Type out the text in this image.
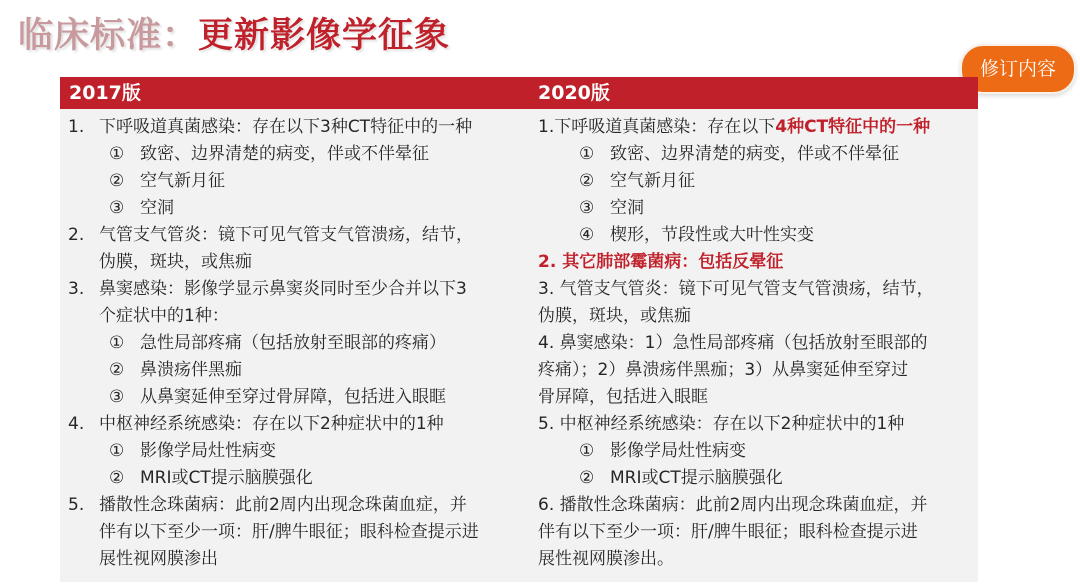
临床标准：更新影像学征象
修订内容
2017版	2020版
1. 下呼吸道真菌感染：存在以下3种CT特征中的一种
① 致密、边界清楚的病变，伴或不伴晕征
② 空气新月征
③ 空洞
2. 气管支气管炎：镜下可见气管支气管溃疡，结节，
伪膜，斑块，或焦痂
3. 鼻窦感染：影像学显示鼻窦炎同时至少合并以下3
个症状中的1种：
① 急性局部疼痛（包括放射至眼部的疼痛）
② 鼻溃疡伴黑痂
③ 从鼻窦延伸至穿过骨屏障，包括进入眼眶
4. 中枢神经系统感染：存在以下2种症状中的1种
① 影像学局灶性病变
② MRI或CT提示脑膜强化
5. 播散性念珠菌病：此前2周内出现念珠菌血症，并
伴有以下至少一项：肝/脾牛眼征；眼科检查提示进
展性视网膜渗出
1.下呼吸道真菌感染：存在以下4种CT特征中的一种
① 致密、边界清楚的病变，伴或不伴晕征
② 空气新月征
③ 空洞
④ 楔形，节段性或大叶性实变
2. 其它肺部霉菌病：包括反晕征
3. 气管支气管炎：镜下可见气管支气管溃疡，结节，
伪膜，斑块，或焦痂
4. 鼻窦感染：1）急性局部疼痛（包括放射至眼部的
疼痛）；2）鼻溃疡伴黑痂；3）从鼻窦延伸至穿过
骨屏障，包括进入眼眶
5. 中枢神经系统感染：存在以下2种症状中的1种
① 影像学局灶性病变
② MRI或CT提示脑膜强化
6. 播散性念珠菌病：此前2周内出现念珠菌血症，并
伴有以下至少一项：肝/脾牛眼征；眼科检查提示进
展性视网膜渗出。
